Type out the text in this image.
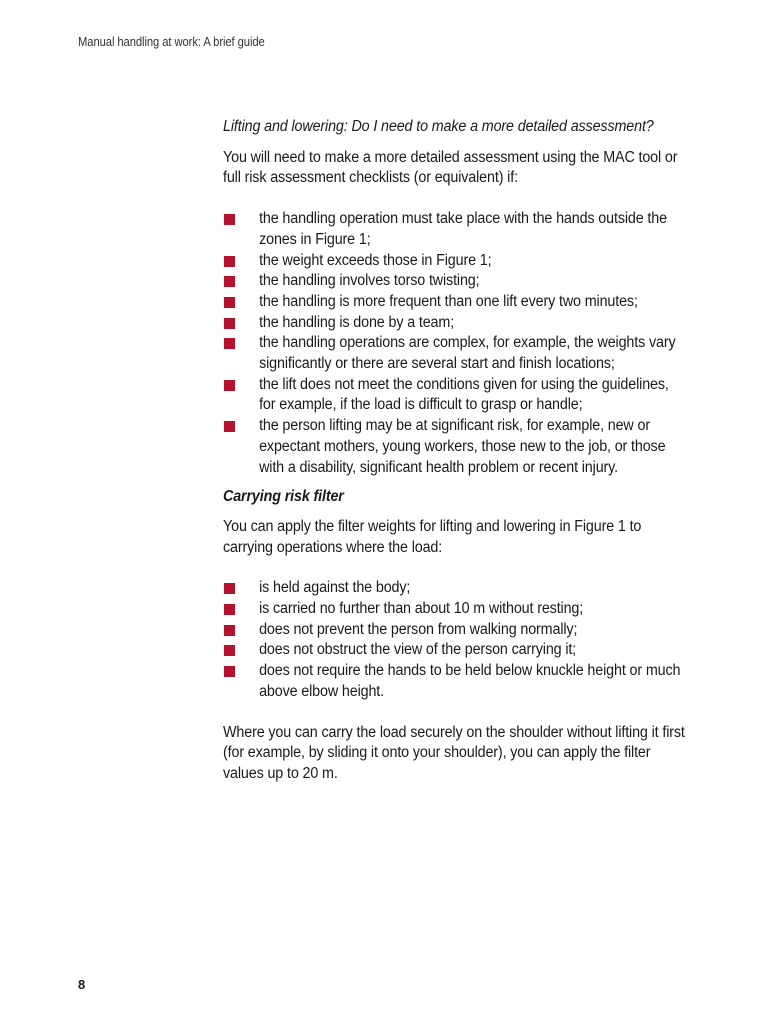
Manual handling at work: A brief guide

Lifting and lowering: Do I need to make a more detailed assessment?

You will need to make a more detailed assessment using the MAC tool or full risk assessment checklists (or equivalent) if:

the handling operation must take place with the hands outside the zones in Figure 1;
the weight exceeds those in Figure 1;
the handling involves torso twisting;
the handling is more frequent than one lift every two minutes;
the handling is done by a team;
the handling operations are complex, for example, the weights vary significantly or there are several start and finish locations;
the lift does not meet the conditions given for using the guidelines, for example, if the load is difficult to grasp or handle;
the person lifting may be at significant risk, for example, new or expectant mothers, young workers, those new to the job, or those with a disability, significant health problem or recent injury.

Carrying risk filter

You can apply the filter weights for lifting and lowering in Figure 1 to carrying operations where the load:

is held against the body;
is carried no further than about 10 m without resting;
does not prevent the person from walking normally;
does not obstruct the view of the person carrying it;
does not require the hands to be held below knuckle height or much above elbow height.

Where you can carry the load securely on the shoulder without lifting it first (for example, by sliding it onto your shoulder), you can apply the filter values up to 20 m.

8
